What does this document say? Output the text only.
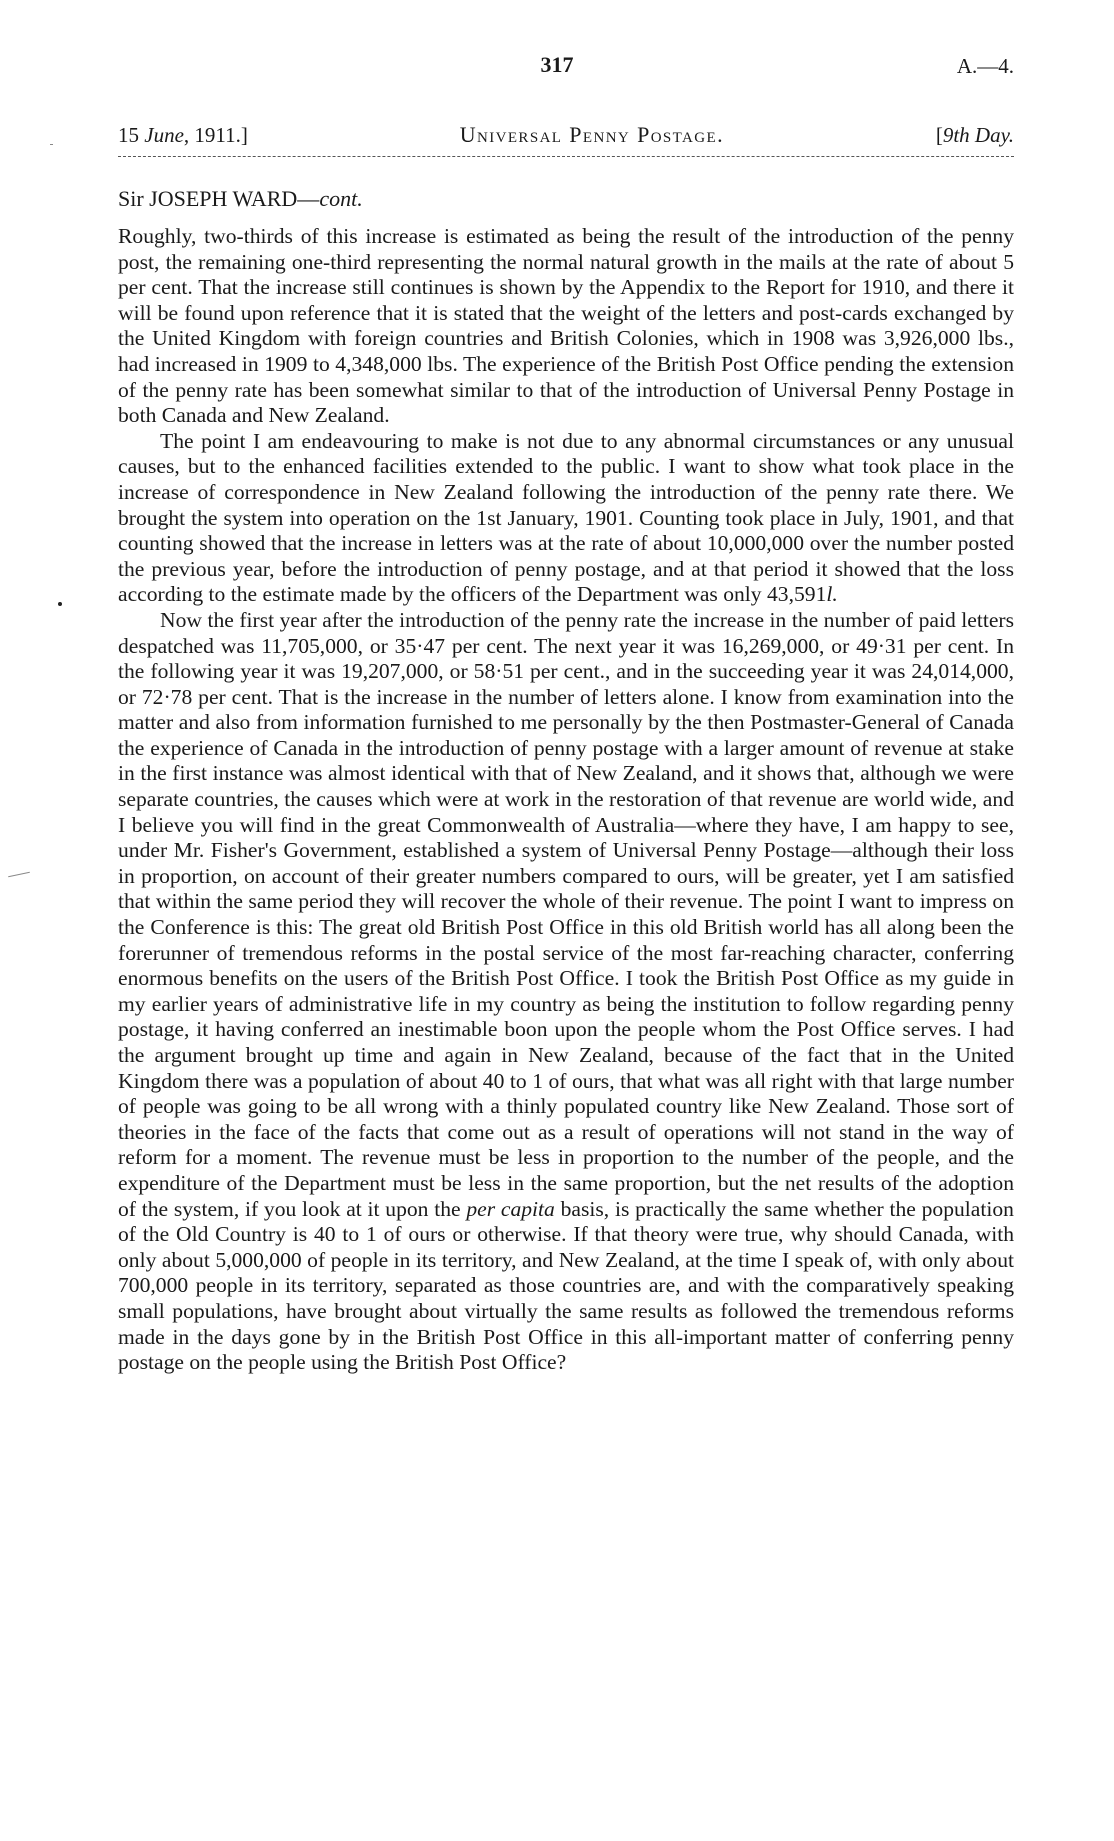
317	A.—4.
15 June, 1911.]	Universal Penny Postage.	[9th Day.
Sir JOSEPH WARD—cont.

Roughly, two-thirds of this increase is estimated as being the result of the introduction of the penny post, the remaining one-third representing the normal natural growth in the mails at the rate of about 5 per cent. That the increase still continues is shown by the Appendix to the Report for 1910, and there it will be found upon reference that it is stated that the weight of the letters and post-cards exchanged by the United Kingdom with foreign countries and British Colonies, which in 1908 was 3,926,000 lbs., had increased in 1909 to 4,348,000 lbs. The experience of the British Post Office pending the extension of the penny rate has been somewhat similar to that of the introduction of Universal Penny Postage in both Canada and New Zealand.

The point I am endeavouring to make is not due to any abnormal circumstances or any unusual causes, but to the enhanced facilities extended to the public. I want to show what took place in the increase of correspondence in New Zealand following the introduction of the penny rate there. We brought the system into operation on the 1st January, 1901. Counting took place in July, 1901, and that counting showed that the increase in letters was at the rate of about 10,000,000 over the number posted the previous year, before the introduction of penny postage, and at that period it showed that the loss according to the estimate made by the officers of the Department was only 43,591l.

Now the first year after the introduction of the penny rate the increase in the number of paid letters despatched was 11,705,000, or 35·47 per cent. The next year it was 16,269,000, or 49·31 per cent. In the following year it was 19,207,000, or 58·51 per cent., and in the succeeding year it was 24,014,000, or 72·78 per cent. That is the increase in the number of letters alone. I know from examination into the matter and also from information furnished to me personally by the then Postmaster-General of Canada the experience of Canada in the introduction of penny postage with a larger amount of revenue at stake in the first instance was almost identical with that of New Zealand, and it shows that, although we were separate countries, the causes which were at work in the restoration of that revenue are world wide, and I believe you will find in the great Commonwealth of Australia—where they have, I am happy to see, under Mr. Fisher's Government, established a system of Universal Penny Postage—although their loss in proportion, on account of their greater numbers compared to ours, will be greater, yet I am satisfied that within the same period they will recover the whole of their revenue. The point I want to impress on the Conference is this: The great old British Post Office in this old British world has all along been the forerunner of tremendous reforms in the postal service of the most far-reaching character, conferring enormous benefits on the users of the British Post Office. I took the British Post Office as my guide in my earlier years of administrative life in my country as being the institution to follow regarding penny postage, it having conferred an inestimable boon upon the people whom the Post Office serves. I had the argument brought up time and again in New Zealand, because of the fact that in the United Kingdom there was a population of about 40 to 1 of ours, that what was all right with that large number of people was going to be all wrong with a thinly populated country like New Zealand. Those sort of theories in the face of the facts that come out as a result of operations will not stand in the way of reform for a moment. The revenue must be less in proportion to the number of the people, and the expenditure of the Department must be less in the same proportion, but the net results of the adoption of the system, if you look at it upon the per capita basis, is practically the same whether the population of the Old Country is 40 to 1 of ours or otherwise. If that theory were true, why should Canada, with only about 5,000,000 of people in its territory, and New Zealand, at the time I speak of, with only about 700,000 people in its territory, separated as those countries are, and with the comparatively speaking small populations, have brought about virtually the same results as followed the tremendous reforms made in the days gone by in the British Post Office in this all-important matter of conferring penny postage on the people using the British Post Office?
